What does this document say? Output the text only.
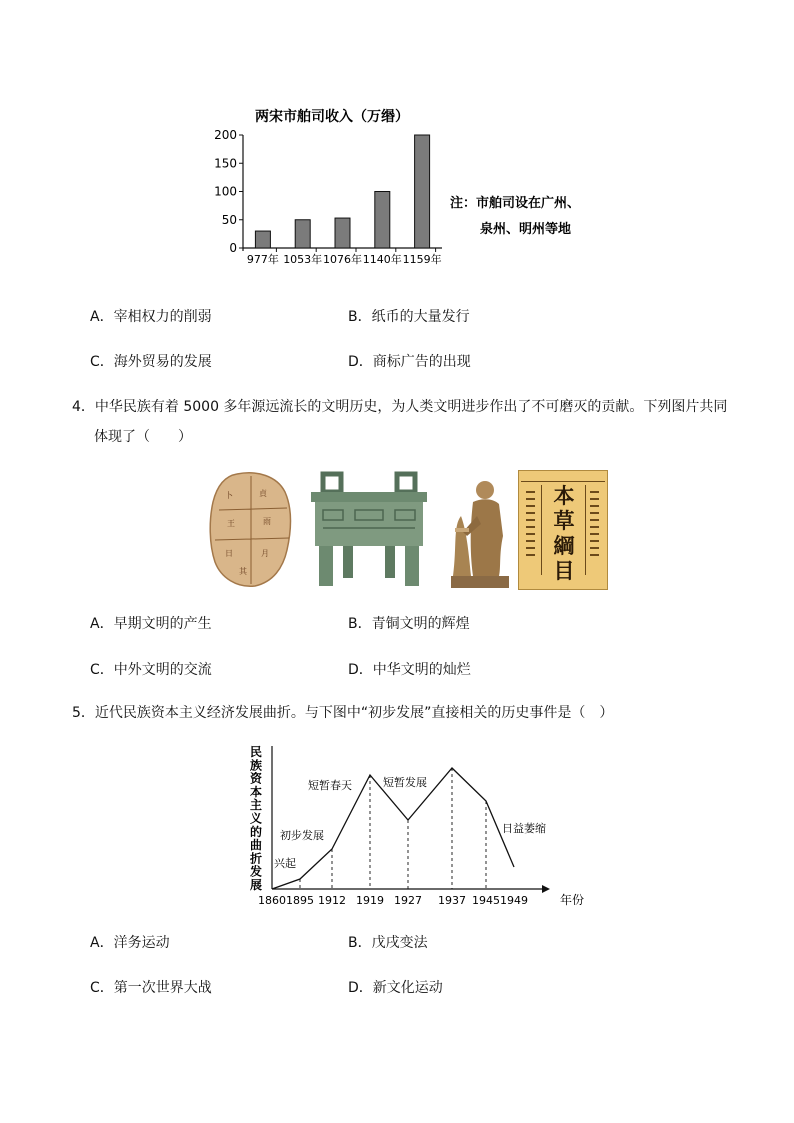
两宋市舶司收入（万缗）
0
50
100
150
200
977年 1053年 1076年 1140年 1159年
注：市舶司设在广州、
泉州、明州等地
A．宰相权力的削弱	B．纸币的大量发行
C．海外贸易的发展	D．商标广告的出现
4．中华民族有着 5000 多年源远流长的文明历史，为人类文明进步作出了不可磨灭的贡献。下列图片共同
体现了（　　）
卜	貞
王	雨
日	月
其
本
草
綱
目
A．早期文明的产生	B．青铜文明的辉煌
C．中外文明的交流	D．中华文明的灿烂
5．近代民族资本主义经济发展曲折。与下图中“初步发展”直接相关的历史事件是（　）
民
族
资
本
主
义
的
曲
折
发
展
1860 1895 1912 1919 1927 1937 1945 1949	年份
兴起
初步发展
短暂春天	短暂发展
日益萎缩
A．洋务运动	B．戊戌变法
C．第一次世界大战	D．新文化运动
